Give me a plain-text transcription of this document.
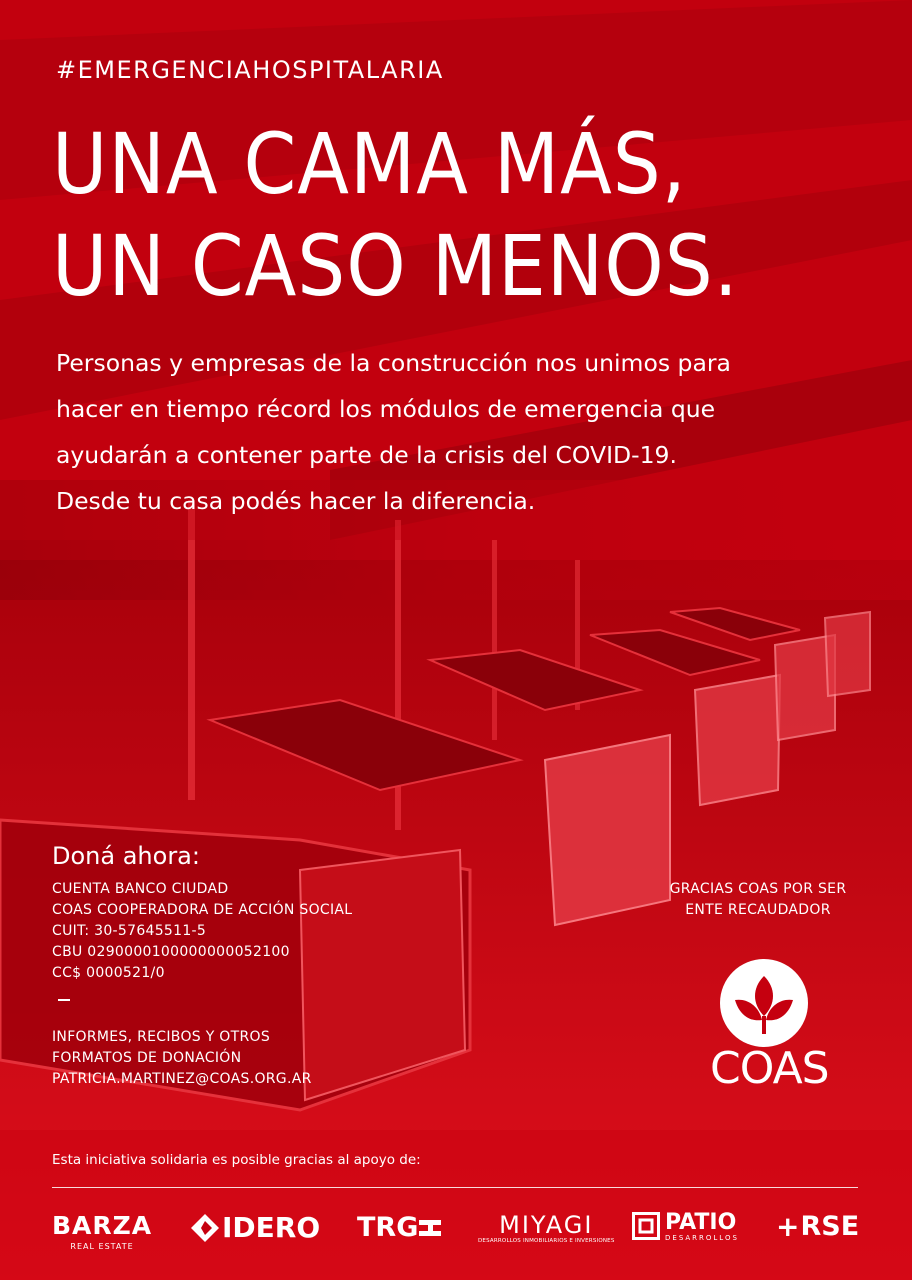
#EMERGENCIAHOSPITALARIA
UNA CAMA MÁS,
UN CASO MENOS.
Personas y empresas de la construcción nos unimos para
hacer en tiempo récord los módulos de emergencia que
ayudarán a contener parte de la crisis del COVID-19.
Desde tu casa podés hacer la diferencia.
Doná ahora:
CUENTA BANCO CIUDAD
COAS COOPERADORA DE ACCIÓN SOCIAL
CUIT: 30-57645511-5
CBU 0290000100000000052100
CC$ 0000521/0
INFORMES, RECIBOS Y OTROS
FORMATOS DE DONACIÓN
PATRICIA.MARTINEZ@COAS.ORG.AR
GRACIAS COAS POR SER
ENTE RECAUDADOR
COAS
Esta iniciativa solidaria es posible gracias al apoyo de:
BARZA
REAL ESTATE
IDERO TRG	MIYAGI
DESARROLLOS INMOBILIARIOS E INVERSIONES
PATIO
DESARROLLOS + RSE
